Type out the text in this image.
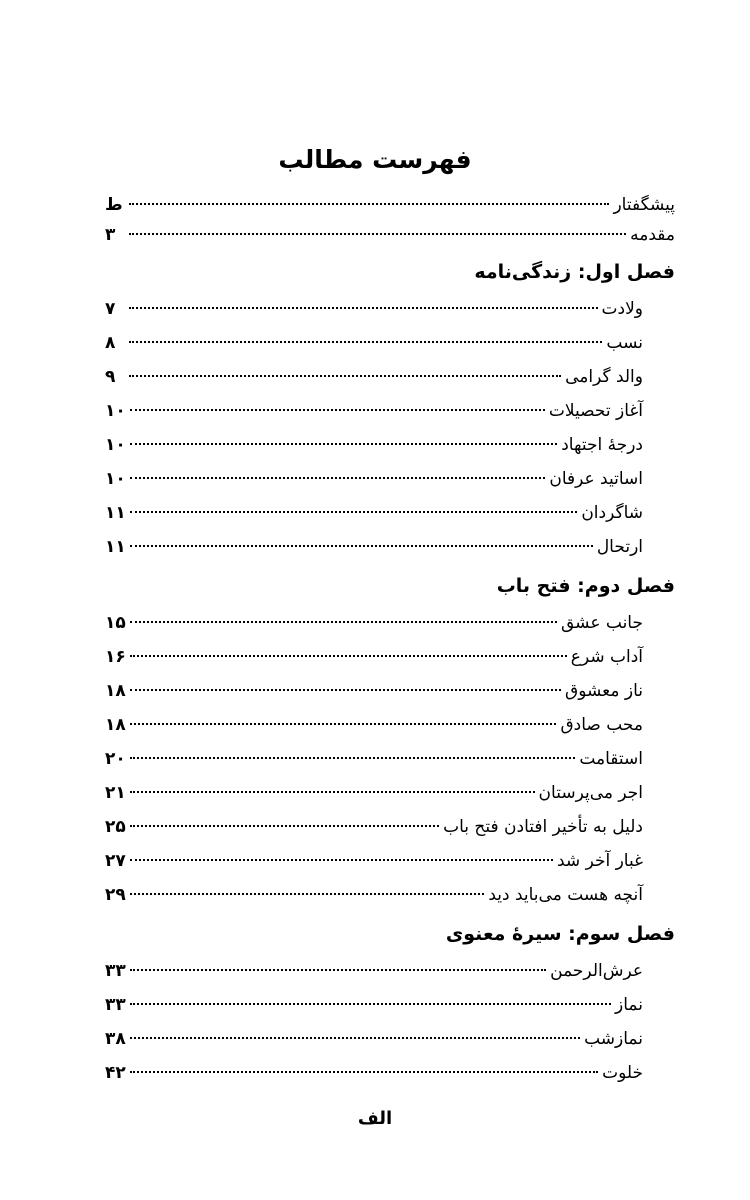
فهرست مطالب
پیشگفتار
ط
مقدمه
۳
فصل اول: زندگی‌نامه
ولادت
۷
نسب
۸
والد گرامی
۹
آغاز تحصیلات
۱۰
درجهٔ اجتهاد
۱۰
اساتید عرفان
۱۰
شاگردان
۱۱
ارتحال
۱۱
فصل دوم: فتح باب
جانب عشق
۱۵
آداب شرع
۱۶
ناز معشوق
۱۸
محب صادق
۱۸
استقامت
۲۰
اجر می‌پرستان
۲۱
دلیل به تأخیر افتادن فتح باب
۲۵
غبار آخر شد
۲۷
آنچه هست می‌باید دید
۲۹
فصل سوم: سیرهٔ معنوی
عرش‌الرحمن
۳۳
نماز
۳۳
نمازشب
۳۸
خلوت
۴۲
الف
